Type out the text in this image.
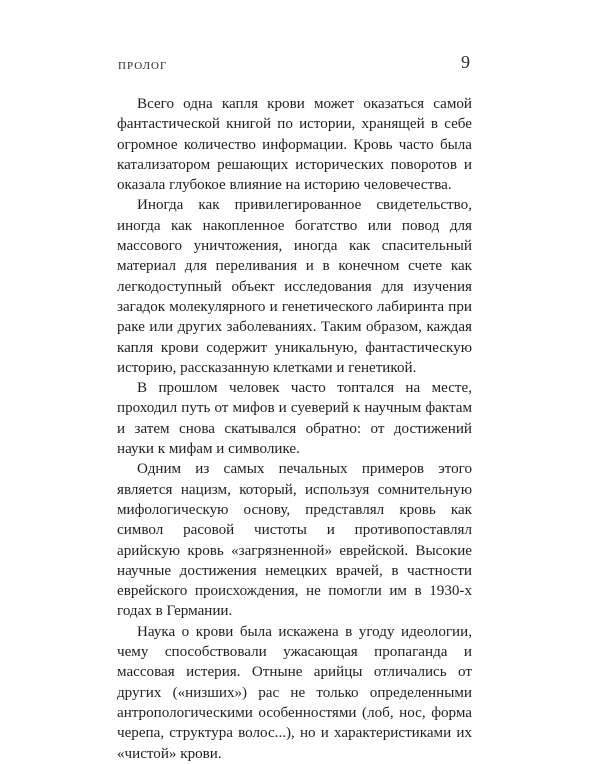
ПРОЛОГ	9

Всего одна капля крови может оказаться самой фантастической книгой по истории, хранящей в себе огромное количество информации. Кровь часто была катализатором решающих исторических поворотов и оказала глубокое влияние на историю человечества.

Иногда как привилегированное свидетельство, иногда как накопленное богатство или повод для массового уничтожения, иногда как спасительный материал для переливания и в конечном счете как легкодоступный объект исследования для изучения загадок молекулярного и генетического лабиринта при раке или других заболеваниях. Таким образом, каждая капля крови содержит уникальную, фантастическую историю, рассказанную клетками и генетикой.

В прошлом человек часто топтался на месте, проходил путь от мифов и суеверий к научным фактам и затем снова скатывался обратно: от достижений науки к мифам и символике.

Одним из самых печальных примеров этого является нацизм, который, используя сомнительную мифологическую основу, представлял кровь как символ расовой чистоты и противопоставлял арийскую кровь «загрязненной» еврейской. Высокие научные достижения немецких врачей, в частности еврейского происхождения, не помогли им в 1930-х годах в Германии.

Наука о крови была искажена в угоду идеологии, чему способствовали ужасающая пропаганда и массовая истерия. Отныне арийцы отличались от других («низших») рас не только определенными антропологическими особенностями (лоб, нос, форма черепа, структура волос...), но и характеристиками их «чистой» крови.
